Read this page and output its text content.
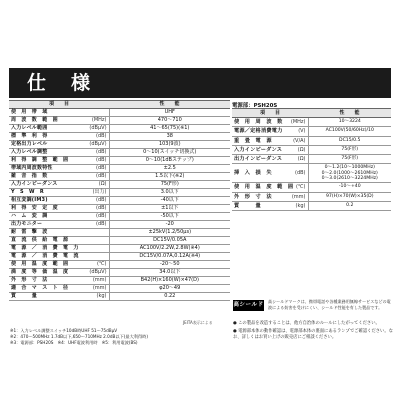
仕　様
項　　目		性　　能
使　用　帯　域		UHF
周　波　数　範　囲	(MHz)	470〜710
入力レベル範囲	(dBμV)	41〜65(75)(※1)
標　準　利　得	(dB)	38
定格出力レベル	(dBμV)	103(9波)
入力レベル調整	(dB)	0〜10(スイッチ切換式)
利　得　調　整　範　囲	(dB)	0〜10(1dBステップ)
帯域内周波数特性	(dB)	±2.5
雑　音　指　数	(dB)	1.5以下(※2)
入力インピーダンス	(Ω)	75(F形)
Y　S　W　R	(出力)	3.0以下
相互変調(IM3)	(dB)	-40以下
利　得　安　定　度	(dB)	±1以下
ハ　ム　変　調	(dB)	-50以下
出力モニター	(dB)	-20
耐　雷　撃　波		±25kV(1.2/50μs)
直　流　供　給　電　源		DC15V/0.05A
電　源　／　消　費　電　力		AC100V/2.2W,2.8W(※4)
電　源　／　消　費　電　流		DC15V/0.07A,0.12A(※4)
使　用　温　度　範　囲	(℃)	-20〜50
満　度　等　価　温　度	(dBμV)	34.0以下
外　形　寸　法	(mm)	B42(H)×160(W)×47(D)
適　合　マ　ス　ト　径	(mm)	φ20〜49
質　　　量	(kg)	0.22
JEITA表示による
※1：入力レベル調整スイッチ10dB時UHF 51〜75dBμV
※2：470〜500MHz 1.7dB以下,650〜710MHz 2.0dB以下(最大利得時)
※3：電源部：PSH20S　※4：UHF電波利用時　※5：利用電波(BS)
電源部：PSH20S
項　　目		性　　能
使　用　周　波　数	(MHz)	10〜3224
電源／定格消費電力	(V)	AC100V(50/60Hz)/10
重　畳　電　源	(V/A)	DC15/0.5
入力インピーダンス	(Ω)	75(F形)
出力インピーダンス	(Ω)	75(F形)
挿　入　損　失	(dB)	0〜1.2(10〜1000MHz)
0〜2.0(1000〜2610MHz)
0〜3.0(2610〜3224MHz)
使　用　温　度　範　囲	(℃)	-10〜+40
外　形　寸　法	(mm)	97(H)×70(W)×35(D)
質　　　量	(kg)	0.2
高シールド
高シールドマークは、携帯電話や各種業務用無線サービスなどの電波による妨害を受けにくい、シールド性能を有した製品です。

● この製品を改造することは、他方自治体のルールにしたがってください。

● 電源部本体の動作確認は、電源部本体の裏面にあるランプでご確認ください。なお、詳しくはお買い上げの販売店にご相談ください。
